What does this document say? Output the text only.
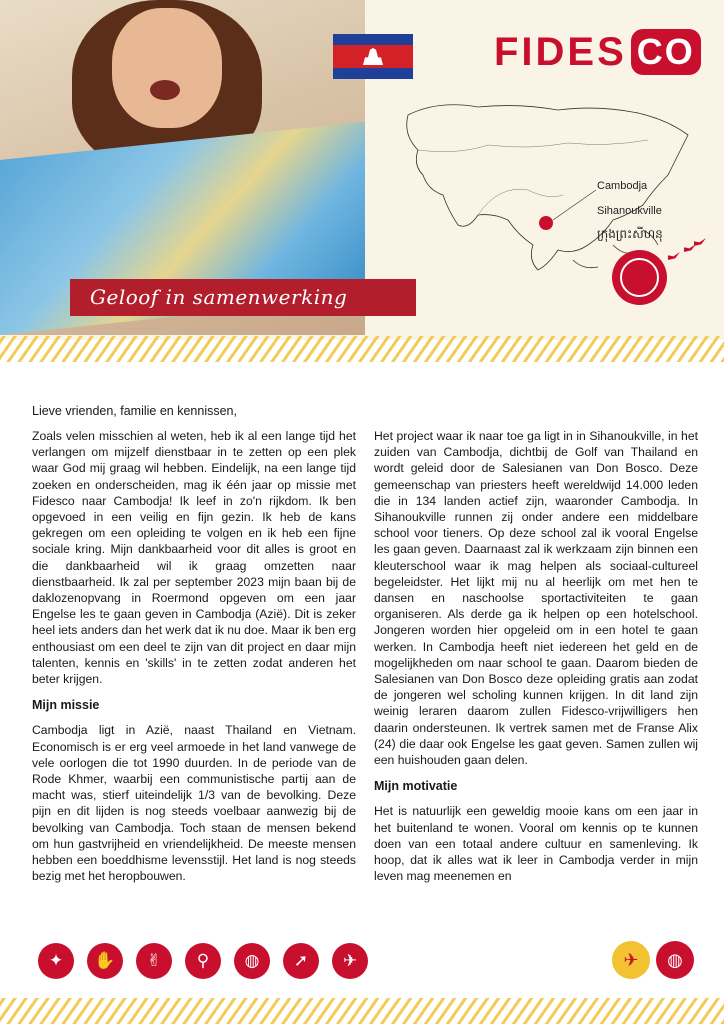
Geloof in samenwerking
FIDES CO
Cambodja
Sihanoukville
ក្រុងព្រះសីហនុ
Lieve vrienden, familie en kennissen,

Zoals velen misschien al weten, heb ik al een lange tijd het verlangen om mijzelf dienstbaar in te zetten op een plek waar God mij graag wil hebben. Eindelijk, na een lange tijd zoeken en onderscheiden, mag ik één jaar op missie met Fidesco naar Cambodja! Ik leef in zo'n rijkdom. Ik ben opgevoed in een veilig en fijn gezin. Ik heb de kans gekregen om een opleiding te volgen en ik heb een fijne sociale kring. Mijn dankbaarheid voor dit alles is groot en die dankbaarheid wil ik graag omzetten naar dienstbaarheid. Ik zal per september 2023 mijn baan bij de daklozenopvang in Roermond opgeven om een jaar Engelse les te gaan geven in Cambodja (Azië). Dit is zeker heel iets anders dan het werk dat ik nu doe. Maar ik ben erg enthousiast om een deel te zijn van dit project en daar mijn talenten, kennis en 'skills' in te zetten zodat anderen het beter krijgen.

Mijn missie

Cambodja ligt in Azië, naast Thailand en Vietnam. Economisch is er erg veel armoede in het land vanwege de vele oorlogen die tot 1990 duurden. In de periode van de Rode Khmer, waarbij een communistische partij aan de macht was, stierf uiteindelijk 1/3 van de bevolking. Deze pijn en dit lijden is nog steeds voelbaar aanwezig bij de bevolking van Cambodja. Toch staan de mensen bekend om hun gastvrijheid en vriendelijkheid. De meeste mensen hebben een boeddhisme levensstijl. Het land is nog steeds bezig met het heropbouwen.

Het project waar ik naar toe ga ligt in in Sihanoukville, in het zuiden van Cambodja, dichtbij de Golf van Thailand en wordt geleid door de Salesianen van Don Bosco. Deze gemeenschap van priesters heeft wereldwijd 14.000 leden die in 134 landen actief zijn, waaronder Cambodja. In Sihanoukville runnen zij onder andere een middelbare school voor tieners. Op deze school zal ik vooral Engelse les gaan geven. Daarnaast zal ik werkzaam zijn binnen een kleuterschool waar ik mag helpen als sociaal-cultureel begeleidster. Het lijkt mij nu al heerlijk om met hen te dansen en naschoolse sportactiviteiten te gaan organiseren. Als derde ga ik helpen op een hotelschool. Jongeren worden hier opgeleid om in een hotel te gaan werken. In Cambodja heeft niet iedereen het geld en de mogelijkheden om naar school te gaan. Daarom bieden de Salesianen van Don Bosco deze opleiding gratis aan zodat de jongeren wel scholing kunnen krijgen. In dit land zijn weinig leraren daarom zullen Fidesco-vrijwilligers hen daarin ondersteunen. Ik vertrek samen met de Franse Alix (24) die daar ook Engelse les gaat geven. Samen zullen wij een huishouden gaan delen.

Mijn motivatie

Het is natuurlijk een geweldig mooie kans om een jaar in het buitenland te wonen. Vooral om kennis op te kunnen doen van een totaal andere cultuur en samenleving. Ik hoop, dat ik alles wat ik leer in Cambodja verder in mijn leven mag meenemen en

✦	✋	✌	⚲	◍	➚	✈	✈	◍
